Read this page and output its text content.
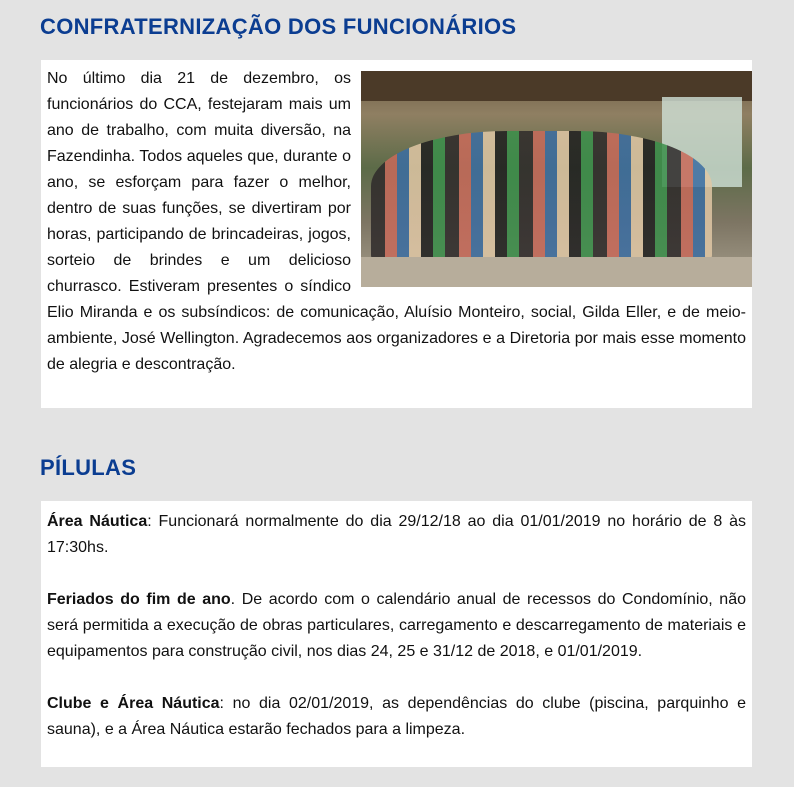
CONFRATERNIZAÇÃO DOS FUNCIONÁRIOS

No último dia 21 de dezembro, os funcionários do CCA, festejaram mais um ano de trabalho, com muita diversão, na Fazendinha. Todos aqueles que, durante o ano, se esforçam para fazer o melhor, dentro de suas funções, se divertiram por horas, participando de brincadeiras, jogos, sorteio de brindes e um delicioso churrasco. Estiveram presentes o síndico Elio Miranda e os subsíndicos: de comunicação, Aluísio Monteiro, social, Gilda Eller, e de meio-ambiente, José Wellington. Agradecemos aos organizadores e a Diretoria por mais esse momento de alegria e descontração.

PÍLULAS

Área Náutica: Funcionará normalmente do dia 29/12/18 ao dia 01/01/2019 no horário de 8 às 17:30hs.

Feriados do fim de ano. De acordo com o calendário anual de recessos do Condomínio, não será permitida a execução de obras particulares, carregamento e descarregamento de materiais e equipamentos para construção civil, nos dias 24, 25 e 31/12 de 2018, e 01/01/2019.

Clube e Área Náutica: no dia 02/01/2019, as dependências do clube (piscina, parquinho e sauna), e a Área Náutica estarão fechados para a limpeza.
